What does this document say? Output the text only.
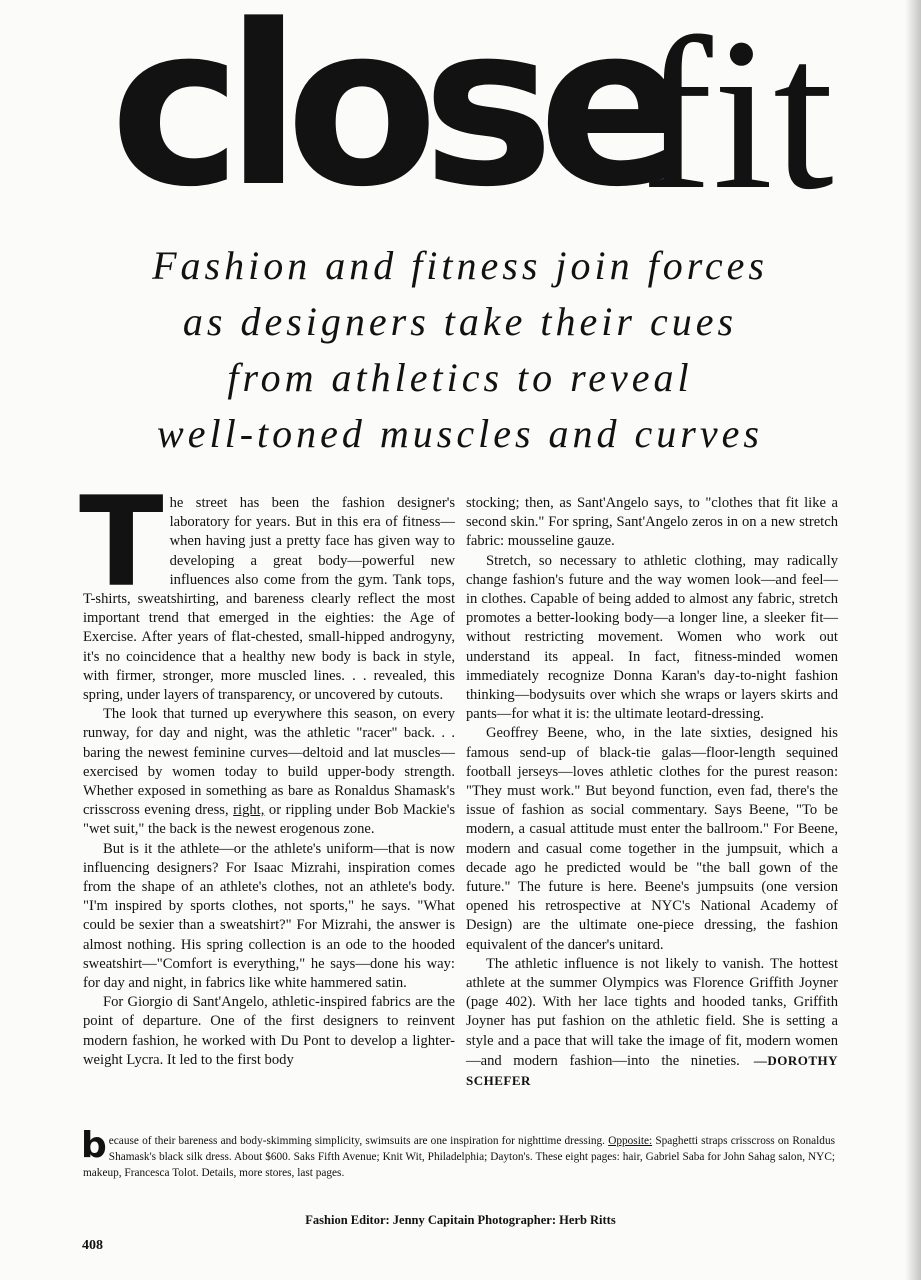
close
fit
Fashion and fitness join forces
as designers take their cues
from athletics to reveal
well-toned muscles and curves

The street has been the fashion designer's laboratory for years. But in this era of fitness—when having just a pretty face has given way to developing a great body—powerful new influences also come from the gym. Tank tops, T-shirts, sweatshirting, and bareness clearly reflect the most important trend that emerged in the eighties: the Age of Exercise. After years of flat-chested, small-hipped androgyny, it's no coincidence that a healthy new body is back in style, with firmer, stronger, more muscled lines. . . revealed, this spring, under layers of transparency, or uncovered by cutouts.

The look that turned up everywhere this season, on every runway, for day and night, was the athletic "racer" back. . . baring the newest feminine curves—deltoid and lat muscles—exercised by women today to build upper-body strength. Whether exposed in something as bare as Ronaldus Shamask's crisscross evening dress, right, or rippling under Bob Mackie's "wet suit," the back is the newest erogenous zone.

But is it the athlete—or the athlete's uniform—that is now influencing designers? For Isaac Mizrahi, inspiration comes from the shape of an athlete's clothes, not an athlete's body. "I'm inspired by sports clothes, not sports," he says. "What could be sexier than a sweatshirt?" For Mizrahi, the answer is almost nothing. His spring collection is an ode to the hooded sweatshirt—"Comfort is everything," he says—done his way: for day and night, in fabrics like white hammered satin.

For Giorgio di Sant'Angelo, athletic-inspired fabrics are the point of departure. One of the first designers to reinvent modern fashion, he worked with Du Pont to develop a lighter-weight Lycra. It led to the first body

stocking; then, as Sant'Angelo says, to "clothes that fit like a second skin." For spring, Sant'Angelo zeros in on a new stretch fabric: mousseline gauze.

Stretch, so necessary to athletic clothing, may radically change fashion's future and the way women look—and feel—in clothes. Capable of being added to almost any fabric, stretch promotes a better-looking body—a longer line, a sleeker fit—without restricting movement. Women who work out understand its appeal. In fact, fitness-minded women immediately recognize Donna Karan's day-to-night fashion thinking—bodysuits over which she wraps or layers skirts and pants—for what it is: the ultimate leotard-dressing.

Geoffrey Beene, who, in the late sixties, designed his famous send-up of black-tie galas—floor-length sequined football jerseys—loves athletic clothes for the purest reason: "They must work." But beyond function, even fad, there's the issue of fashion as social commentary. Says Beene, "To be modern, a casual attitude must enter the ballroom." For Beene, modern and casual come together in the jumpsuit, which a decade ago he predicted would be "the ball gown of the future." The future is here. Beene's jumpsuits (one version opened his retrospective at NYC's National Academy of Design) are the ultimate one-piece dressing, the fashion equivalent of the dancer's unitard.

The athletic influence is not likely to vanish. The hottest athlete at the summer Olympics was Florence Griffith Joyner (page 402). With her lace tights and hooded tanks, Griffith Joyner has put fashion on the athletic field. She is setting a style and a pace that will take the image of fit, modern women—and modern fashion—into the nineties. —DOROTHY SCHEFER

because of their bareness and body-skimming simplicity, swimsuits are one inspiration for nighttime dressing. Opposite: Spaghetti straps crisscross on Ronaldus Shamask's black silk dress. About $600. Saks Fifth Avenue; Knit Wit, Philadelphia; Dayton's. These eight pages: hair, Gabriel Saba for John Sahag salon, NYC; makeup, Francesca Tolot. Details, more stores, last pages.
Fashion Editor: Jenny Capitain Photographer: Herb Ritts
408
